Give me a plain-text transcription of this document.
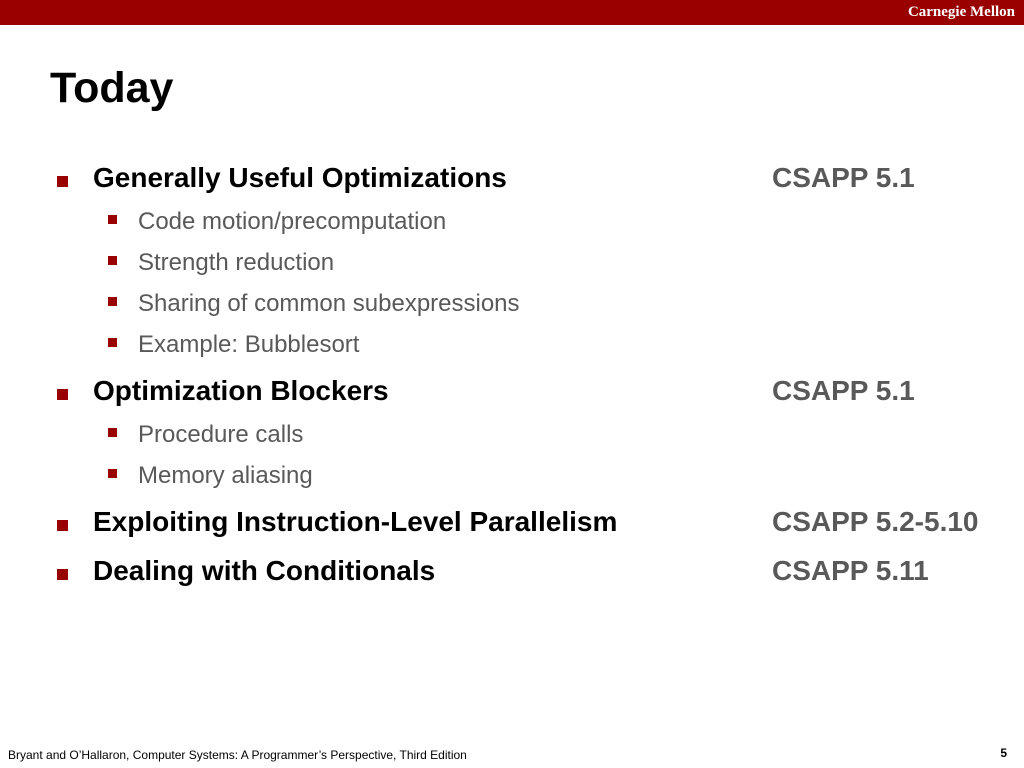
Carnegie Mellon
Today
Generally Useful Optimizations	CSAPP 5.1
Code motion/precomputation
Strength reduction
Sharing of common subexpressions
Example: Bubblesort
Optimization Blockers	CSAPP 5.1
Procedure calls
Memory aliasing
Exploiting Instruction-Level Parallelism	CSAPP 5.2-5.10
Dealing with Conditionals	CSAPP 5.11
Bryant and O’Hallaron, Computer Systems: A Programmer’s Perspective, Third Edition	5
